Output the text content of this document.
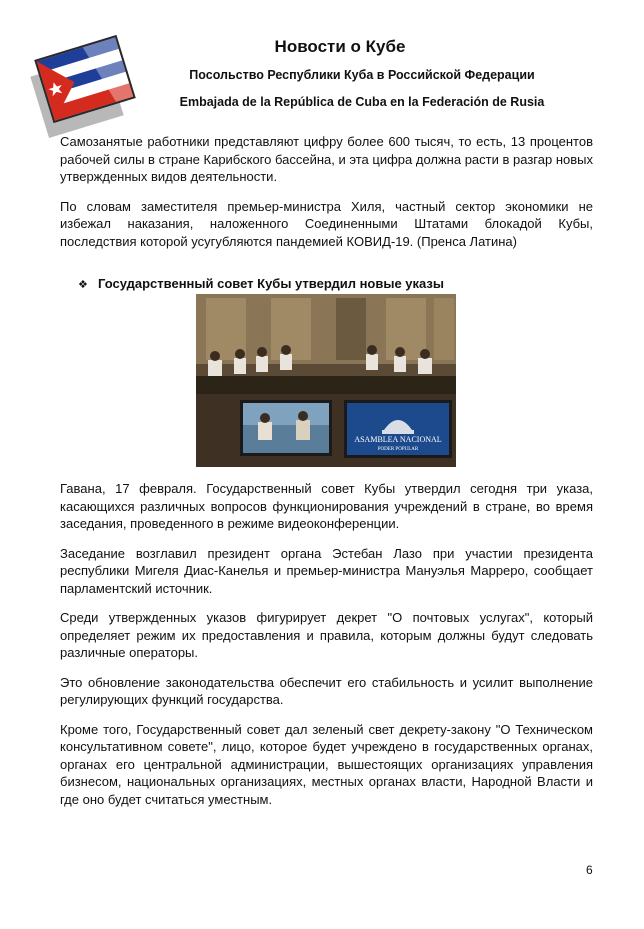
Новости о Кубе
Посольство Республики Куба в Российской Федерации
Embajada de la República de Cuba en la Federación de Rusia

Самозанятые работники представляют цифру более 600 тысяч, то есть, 13 процентов рабочей силы в стране Карибского бассейна, и эта цифра должна расти в разгар новых утвержденных видов деятельности.

По словам заместителя премьер-министра Хиля, частный сектор экономики не избежал наказания, наложенного Соединенными Штатами блокадой Кубы, последствия которой усугубляются пандемией КОВИД-19. (Пренса Латина)

❖ Государственный совет Кубы утвердил новые указы
ASAMBLEA NACIONAL
PODER POPULAR

Гавана, 17 февраля. Государственный совет Кубы утвердил сегодня три указа, касающихся различных вопросов функционирования учреждений в стране, во время заседания, проведенного в режиме видеоконференции.

Заседание возглавил президент органа Эстебан Лазо при участии президента республики Мигеля Диас-Канелья и премьер-министра Мануэлья Марреро, сообщает парламентский источник.

Среди утвержденных указов фигурирует декрет "О почтовых услугах", который определяет режим их предоставления и правила, которым должны будут следовать различные операторы.

Это обновление законодательства обеспечит его стабильность и усилит выполнение регулирующих функций государства.

Кроме того, Государственный совет дал зеленый свет декрету-закону "О Техническом консультативном совете", лицо, которое будет учреждено в государственных органах, органах его центральной администрации, вышестоящих организациях управления бизнесом, национальных организациях, местных органах власти, Народной Власти и где оно будет считаться уместным.

6
